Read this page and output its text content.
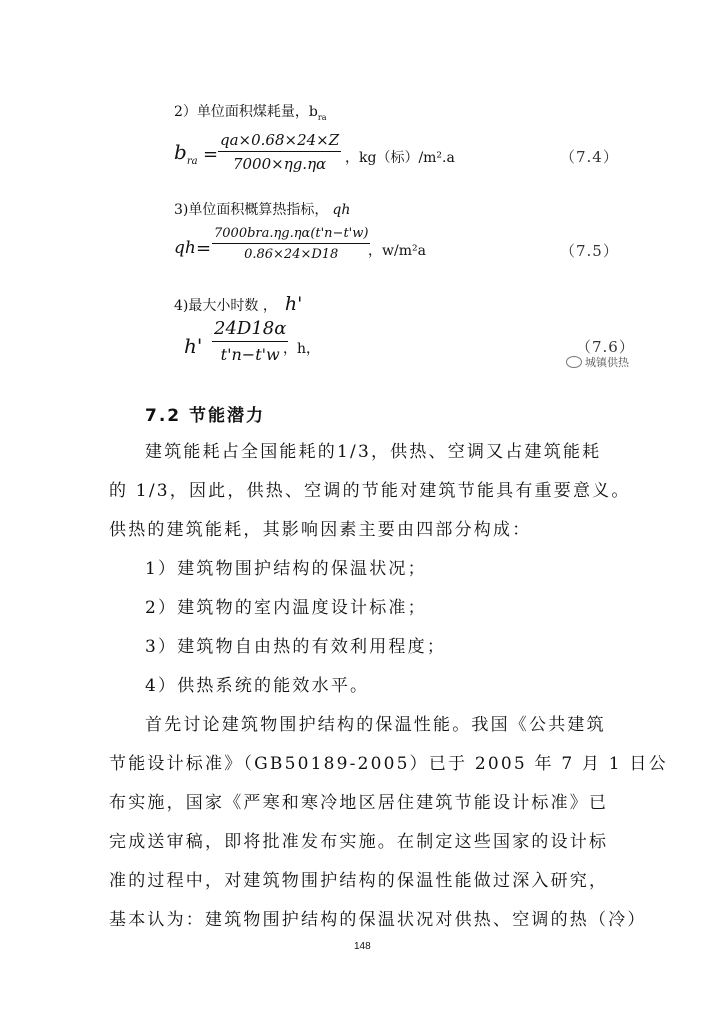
2）单位面积煤耗量，$b_{ra}$
$b_{ra} = \frac{qa\times 0.68\times 24\times Z}{7000\times\eta g.\eta\alpha}$ ，kg（标）/m².a	（7.4）
3)单位面积概算热指标， qh
qh =
7000bra.ηg.ηα(t'n−t'w)
0.86×24×D18 ，w/m²a	（7.5）
4)最大小时数 ， h'
$h' \frac{24D18\alpha}{t'n-t'w}$
，h，	（7.6）
城镇供热
7.2 节能潜力
建筑能耗占全国能耗的1/3，供热、空调又占建筑能耗
的 1/3，因此，供热、空调的节能对建筑节能具有重要意义。
供热的建筑能耗，其影响因素主要由四部分构成：
1）建筑物围护结构的保温状况；
2）建筑物的室内温度设计标准；
3）建筑物自由热的有效利用程度；
4）供热系统的能效水平。
首先讨论建筑物围护结构的保温性能。我国《公共建筑
节能设计标准》（GB50189-2005）已于 2005 年 7 月 1 日公
布实施，国家《严寒和寒冷地区居住建筑节能设计标准》已
完成送审稿，即将批准发布实施。在制定这些国家的设计标
准的过程中，对建筑物围护结构的保温性能做过深入研究，
基本认为：建筑物围护结构的保温状况对供热、空调的热（冷）
148
